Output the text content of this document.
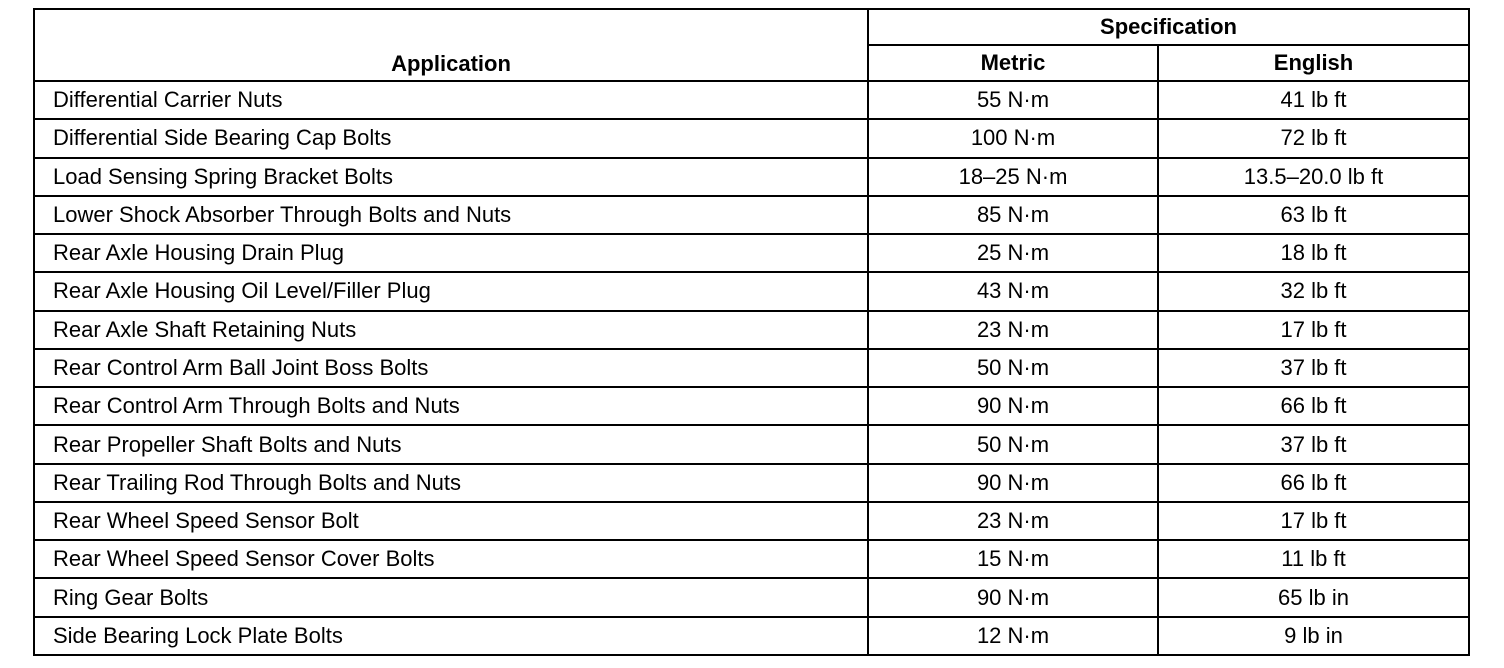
Application	Specification	
	Metric	English
Differential Carrier Nuts	55 N·m	41 lb ft
Differential Side Bearing Cap Bolts	100 N·m	72 lb ft
Load Sensing Spring Bracket Bolts	18–25 N·m	13.5–20.0 lb ft
Lower Shock Absorber Through Bolts and Nuts	85 N·m	63 lb ft
Rear Axle Housing Drain Plug	25 N·m	18 lb ft
Rear Axle Housing Oil Level/Filler Plug	43 N·m	32 lb ft
Rear Axle Shaft Retaining Nuts	23 N·m	17 lb ft
Rear Control Arm Ball Joint Boss Bolts	50 N·m	37 lb ft
Rear Control Arm Through Bolts and Nuts	90 N·m	66 lb ft
Rear Propeller Shaft Bolts and Nuts	50 N·m	37 lb ft
Rear Trailing Rod Through Bolts and Nuts	90 N·m	66 lb ft
Rear Wheel Speed Sensor Bolt	23 N·m	17 lb ft
Rear Wheel Speed Sensor Cover Bolts	15 N·m	11 lb ft
Ring Gear Bolts	90 N·m	65 lb in
Side Bearing Lock Plate Bolts	12 N·m	9 lb in
